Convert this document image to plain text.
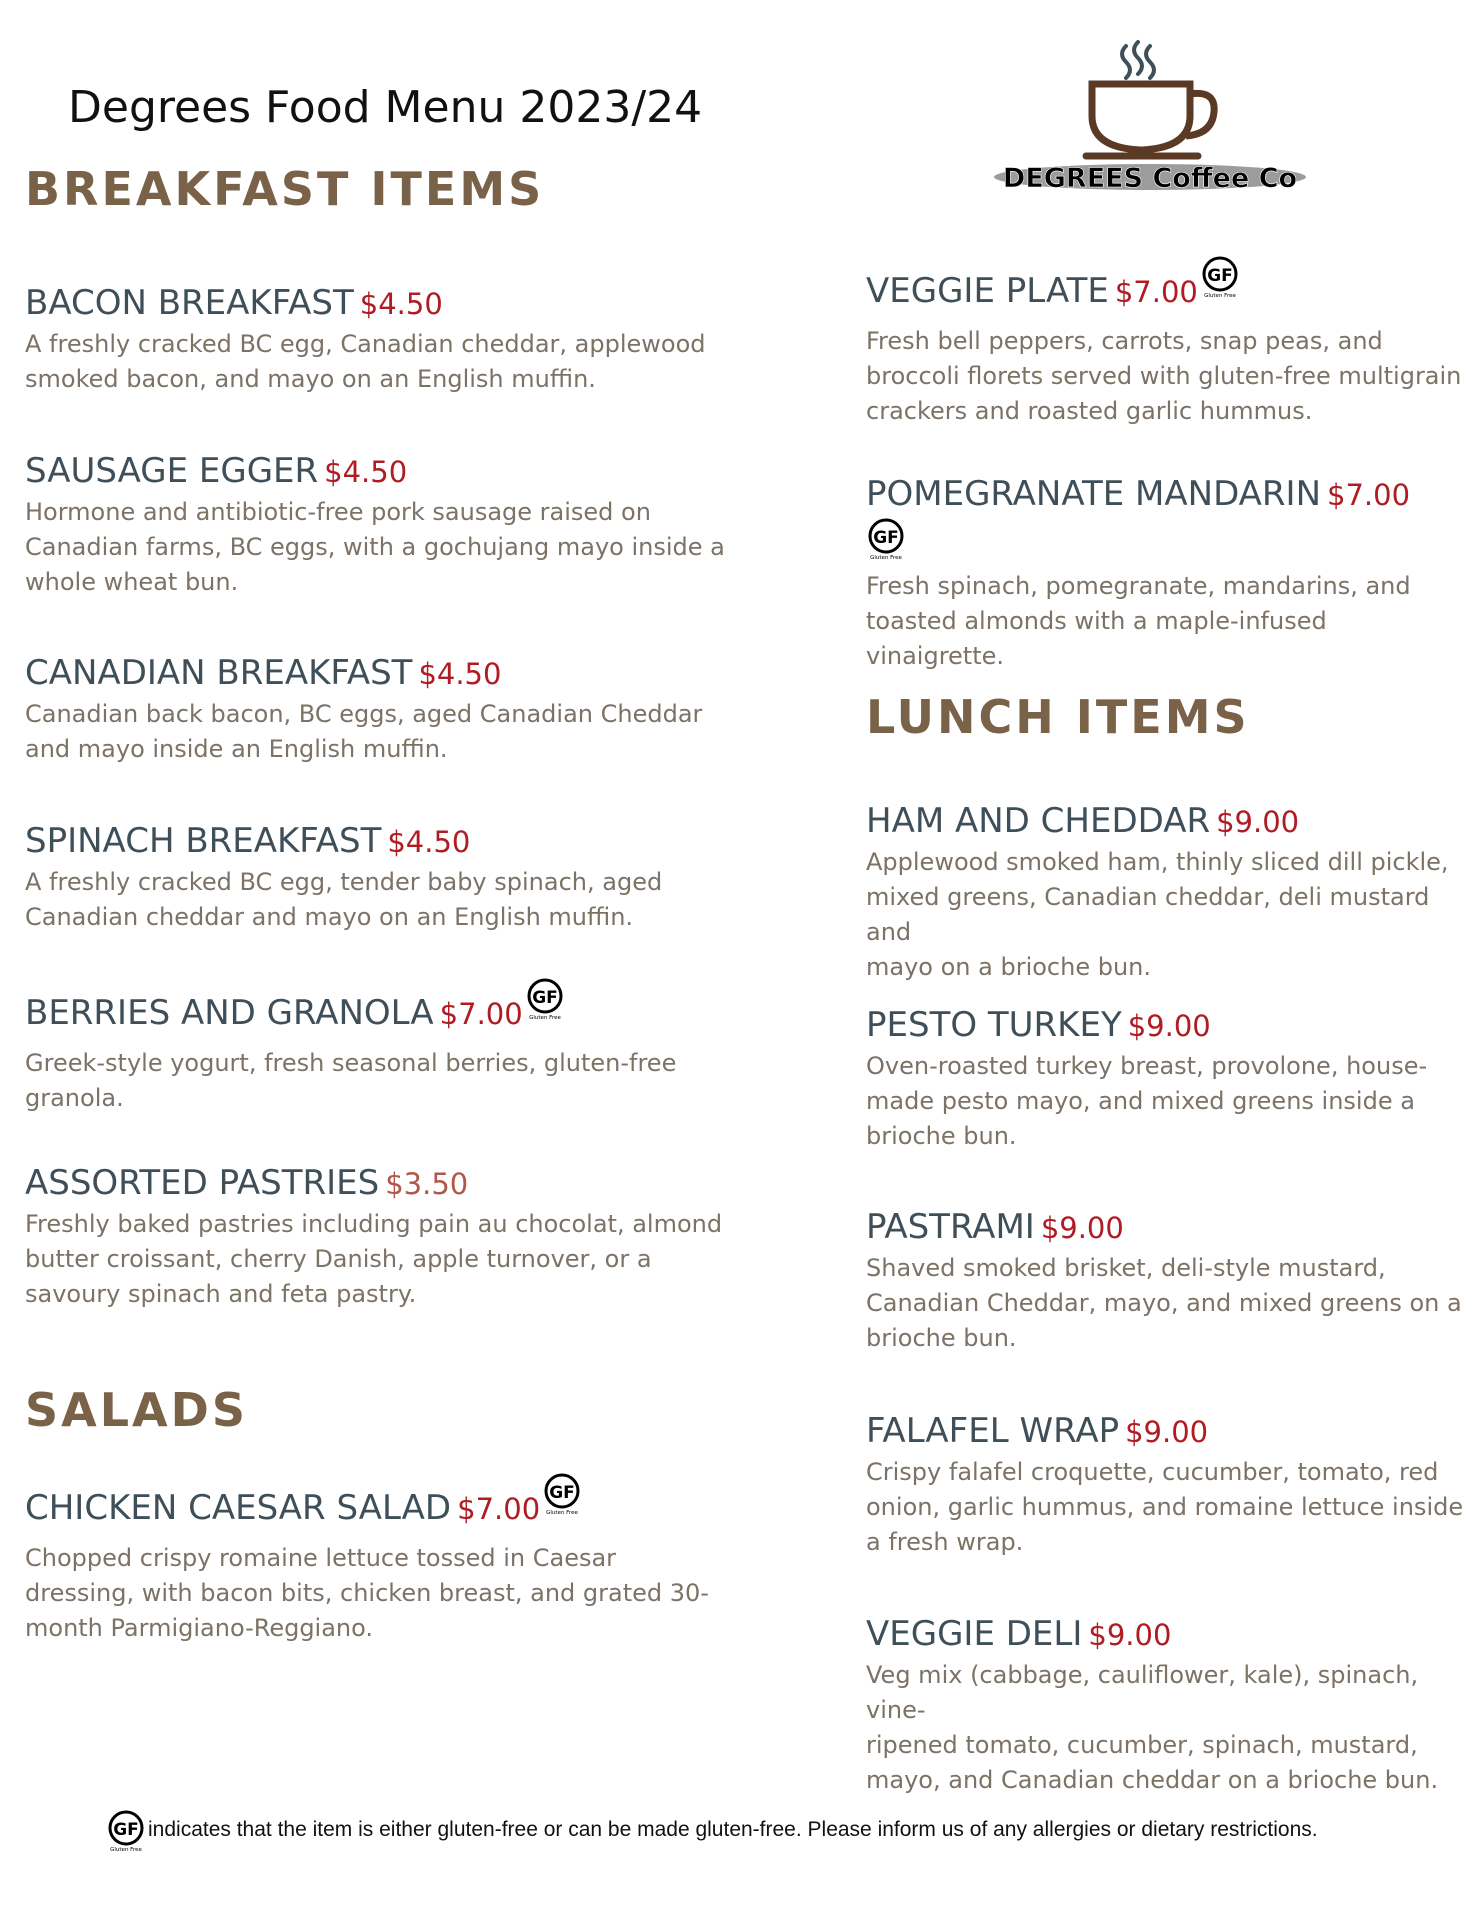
Degrees Food Menu 2023/24
DEGREES Coffee Co
BREAKFAST ITEMS

BACON BREAKFAST $4.50

A freshly cracked BC egg, Canadian cheddar, applewood
smoked bacon, and mayo on an English muffin.

SAUSAGE EGGER $4.50

Hormone and antibiotic-free pork sausage raised on
Canadian farms, BC eggs, with a gochujang mayo inside a
whole wheat bun.

CANADIAN BREAKFAST $4.50

Canadian back bacon, BC eggs, aged Canadian Cheddar
and mayo inside an English muffin.

SPINACH BREAKFAST $4.50

A freshly cracked BC egg, tender baby spinach, aged
Canadian cheddar and mayo on an English muffin.

BERRIES AND GRANOLA $7.00 GF
Gluten Free

Greek-style yogurt, fresh seasonal berries, gluten-free
granola.

ASSORTED PASTRIES $3.50

Freshly baked pastries including pain au chocolat, almond
butter croissant, cherry Danish, apple turnover, or a
savoury spinach and feta pastry.

SALADS

CHICKEN CAESAR SALAD $7.00 GF
Gluten Free

Chopped crispy romaine lettuce tossed in Caesar
dressing, with bacon bits, chicken breast, and grated 30-
month Parmigiano-Reggiano.

VEGGIE PLATE $7.00 GF
Gluten Free

Fresh bell peppers, carrots, snap peas, and
broccoli florets served with gluten-free multigrain
crackers and roasted garlic hummus.

POMEGRANATE MANDARIN $7.00

GF
Gluten Free

Fresh spinach, pomegranate, mandarins, and
toasted almonds with a maple-infused vinaigrette.

LUNCH ITEMS

HAM AND CHEDDAR $9.00

Applewood smoked ham, thinly sliced dill pickle,
mixed greens, Canadian cheddar, deli mustard and
mayo on a brioche bun.

PESTO TURKEY $9.00

Oven-roasted turkey breast, provolone, house-
made pesto mayo, and mixed greens inside a
brioche bun.

PASTRAMI $9.00

Shaved smoked brisket, deli-style mustard,
Canadian Cheddar, mayo, and mixed greens on a
brioche bun.

FALAFEL WRAP $9.00

Crispy falafel croquette, cucumber, tomato, red
onion, garlic hummus, and romaine lettuce inside
a fresh wrap.

VEGGIE DELI $9.00

Veg mix (cabbage, cauliflower, kale), spinach, vine-
ripened tomato, cucumber, spinach, mustard,
mayo, and Canadian cheddar on a brioche bun.

GF
Gluten Free
indicates that the item is either gluten-free or can be made gluten-free. Please inform us of any allergies or dietary restrictions.
